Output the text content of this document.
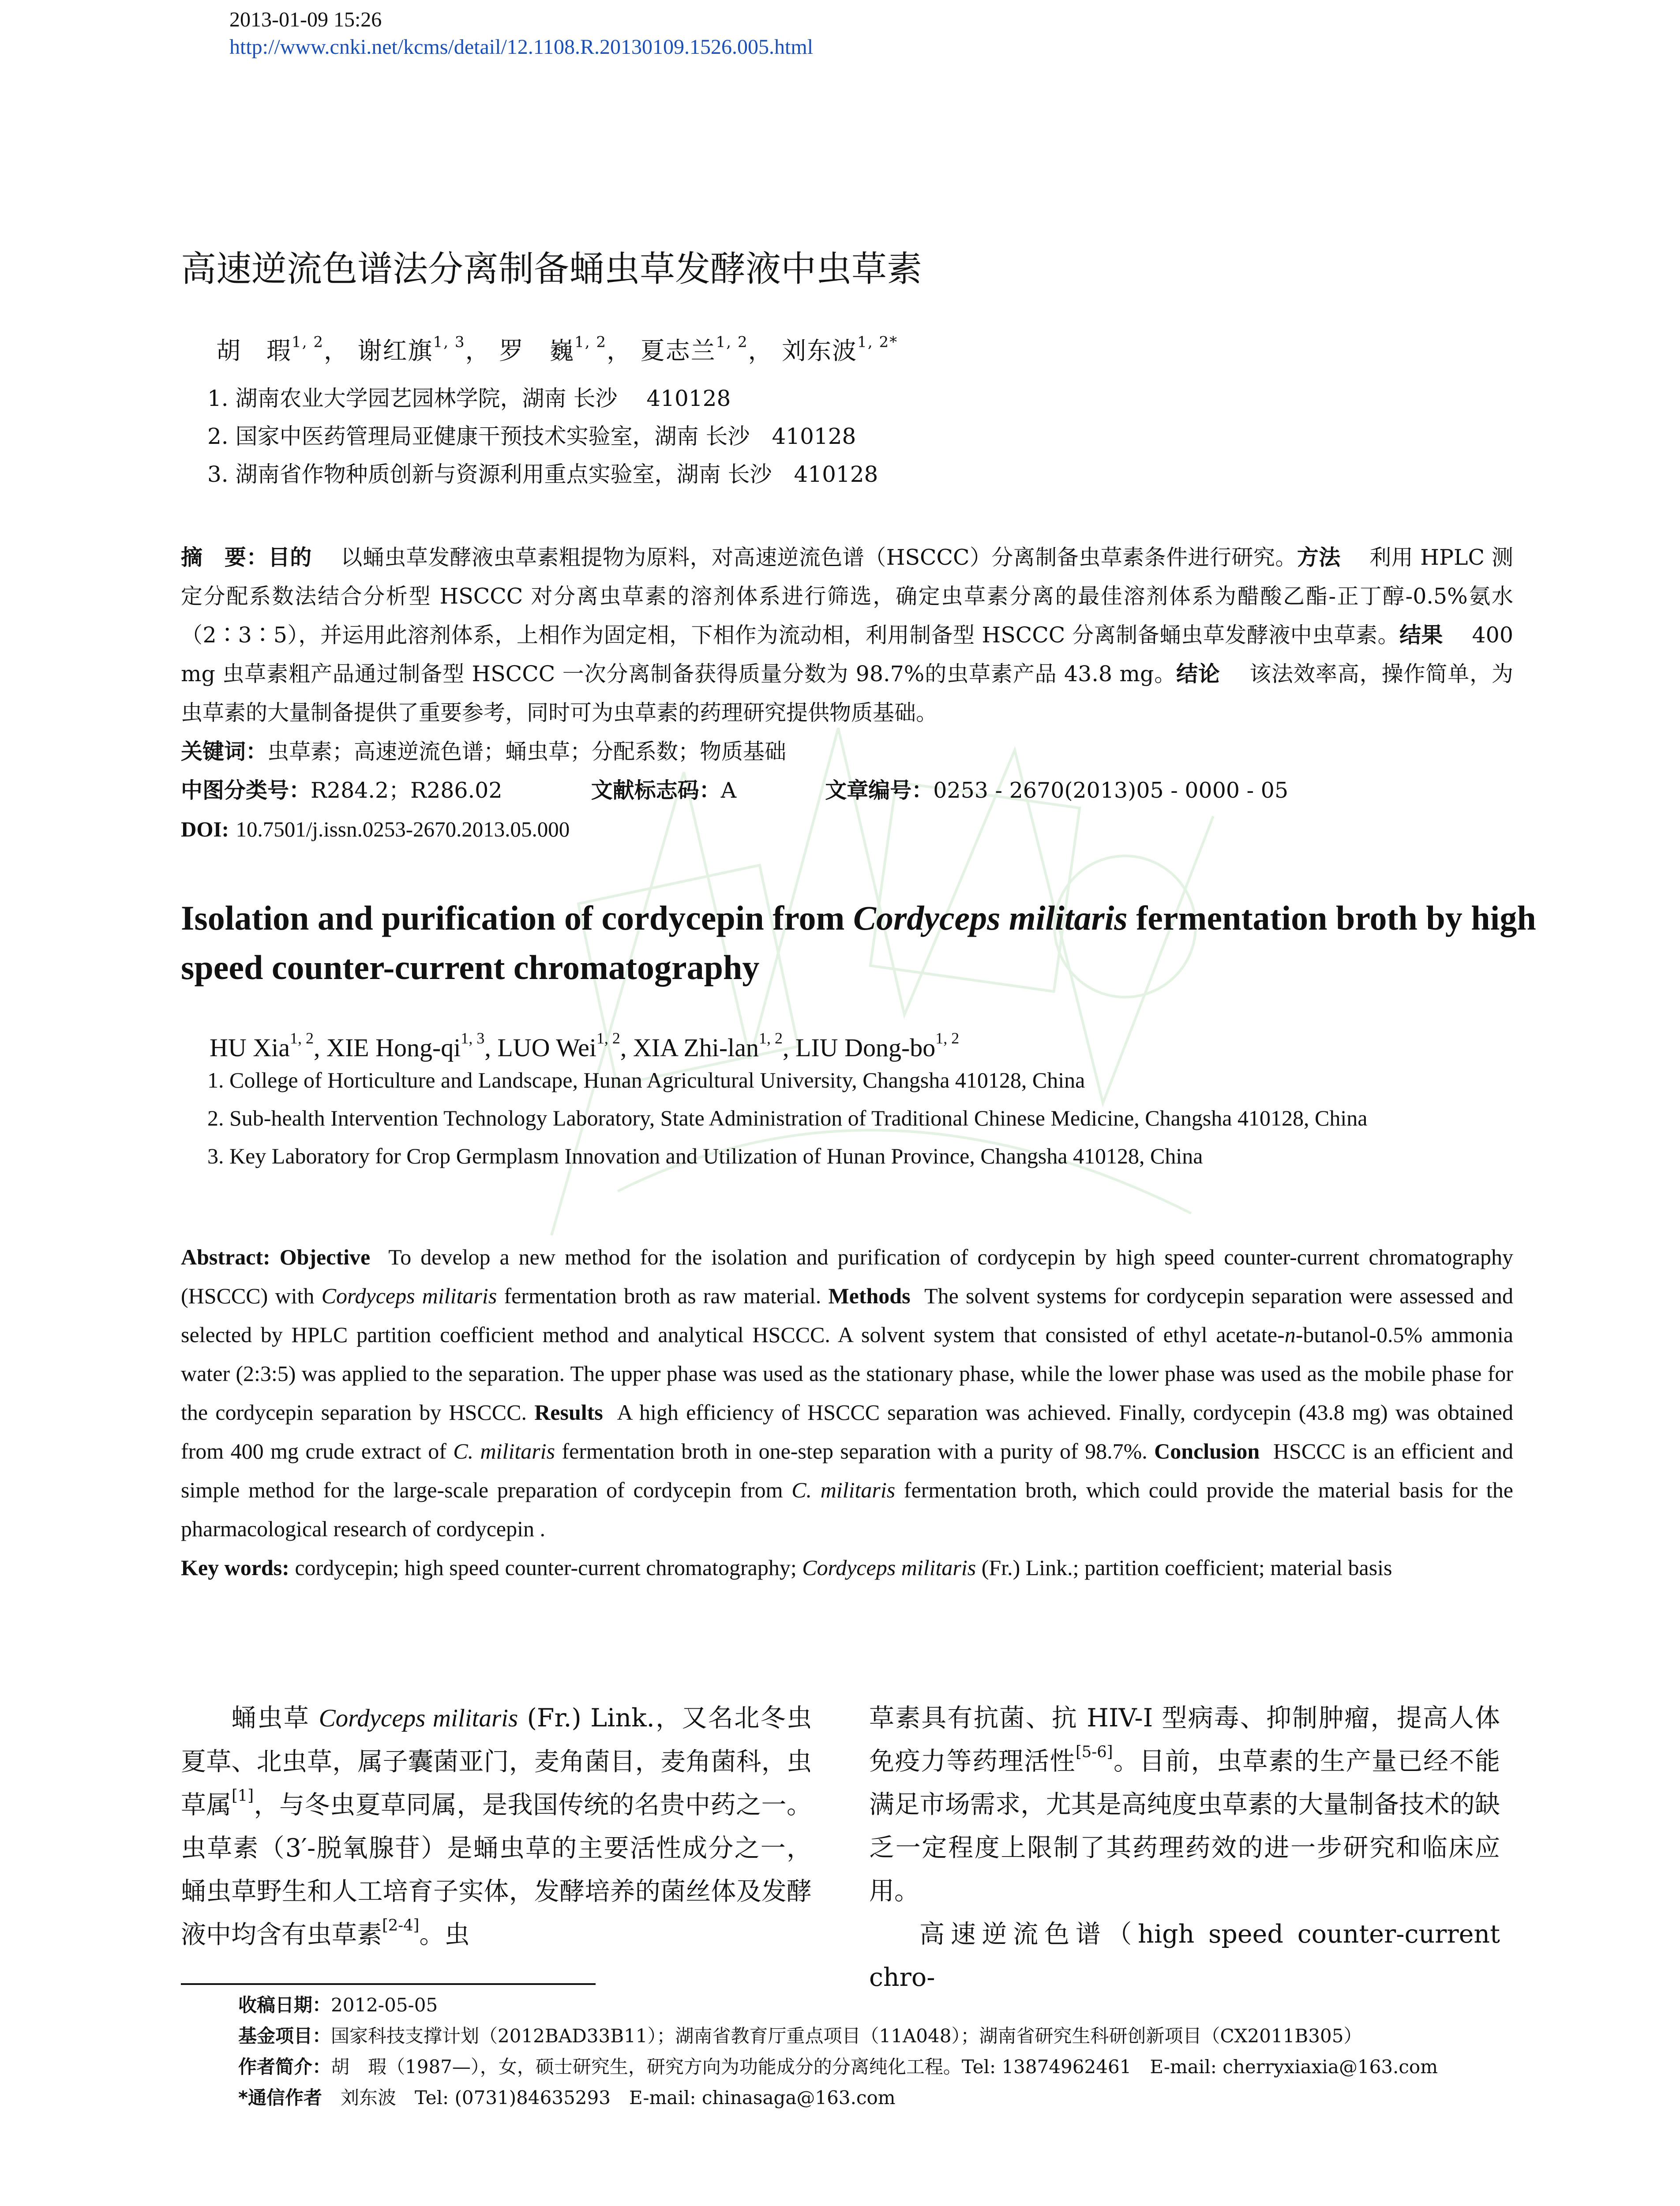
2013-01-09 15:26
http://www.cnki.net/kcms/detail/12.1108.R.20130109.1526.005.html
高速逆流色谱法分离制备蛹虫草发酵液中虫草素
胡　瑕$^{1, 2}$， 谢红旗$^{1, 3}$， 罗　巍$^{1, 2}$， 夏志兰$^{1, 2}$， 刘东波$^{1, 2*}$
1. 湖南农业大学园艺园林学院，湖南 长沙　 410128
2. 国家中医药管理局亚健康干预技术实验室，湖南 长沙　410128
3. 湖南省作物种质创新与资源利用重点实验室，湖南 长沙　410128
摘　要：目的 　 以蛹虫草发酵液虫草素粗提物为原料，对高速逆流色谱（HSCCC）分离制备虫草素条件进行研究。方法 　 利用 HPLC 测定分配系数法结合分析型 HSCCC 对分离虫草素的溶剂体系进行筛选，确定虫草素分离的最佳溶剂体系为醋酸乙酯-正丁醇-0.5%氨水（2∶3∶5），并运用此溶剂体系，上相作为固定相，下相作为流动相，利用制备型 HSCCC 分离制备蛹虫草发酵液中虫草素。结果 　 400 mg 虫草素粗产品通过制备型 HSCCC 一次分离制备获得质量分数为 98.7%的虫草素产品 43.8 mg。结论 　 该法效率高，操作简单，为虫草素的大量制备提供了重要参考，同时可为虫草素的药理研究提供物质基础。
关键词：虫草素；高速逆流色谱；蛹虫草；分配系数；物质基础
中图分类号：R284.2；R286.02	文献标志码：A	文章编号：0253 - 2670(2013)05 - 0000 - 05
DOI: 10.7501/j.issn.0253-2670.2013.05.000
Isolation and purification of cordycepin from Cordyceps militaris fermentation broth by high speed counter-current chromatography
HU Xia$^{1, 2}$, XIE Hong-qi$^{1, 3}$, LUO Wei$^{1, 2}$, XIA Zhi-lan$^{1, 2}$, LIU Dong-bo$^{1, 2}$
1. College of Horticulture and Landscape, Hunan Agricultural University, Changsha 410128, China
2. Sub-health Intervention Technology Laboratory, State Administration of Traditional Chinese Medicine, Changsha 410128, China
3. Key Laboratory for Crop Germplasm Innovation and Utilization of Hunan Province, Changsha 410128, China
Abstract: Objective To develop a new method for the isolation and purification of cordycepin by high speed counter-current chromatography (HSCCC) with Cordyceps militaris fermentation broth as raw material. Methods The solvent systems for cordycepin separation were assessed and selected by HPLC partition coefficient method and analytical HSCCC. A solvent system that consisted of ethyl acetate-n-butanol-0.5% ammonia water (2:3:5) was applied to the separation. The upper phase was used as the stationary phase, while the lower phase was used as the mobile phase for the cordycepin separation by HSCCC. Results A high efficiency of HSCCC separation was achieved. Finally, cordycepin (43.8 mg) was obtained from 400 mg crude extract of C. militaris fermentation broth in one-step separation with a purity of 98.7%. Conclusion HSCCC is an efficient and simple method for the large-scale preparation of cordycepin from C. militaris fermentation broth, which could provide the material basis for the pharmacological research of cordycepin .
Key words: cordycepin; high speed counter-current chromatography; Cordyceps militaris (Fr.) Link.; partition coefficient; material basis

蛹虫草 Cordyceps militaris (Fr.) Link.，又名北冬虫夏草、北虫草，属子囊菌亚门，麦角菌目，麦角菌科，虫草属[1]，与冬虫夏草同属，是我国传统的名贵中药之一。虫草素（3′-脱氧腺苷）是蛹虫草的主要活性成分之一，蛹虫草野生和人工培育子实体，发酵培养的菌丝体及发酵液中均含有虫草素[2-4]。虫

草素具有抗菌、抗 HIV-I 型病毒、抑制肿瘤，提高人体免疫力等药理活性[5-6]。目前，虫草素的生产量已经不能满足市场需求，尤其是高纯度虫草素的大量制备技术的缺乏一定程度上限制了其药理药效的进一步研究和临床应用。

高速逆流色谱（high speed counter-current chro-

收稿日期：2012-05-05
基金项目：国家科技支撑计划（2012BAD33B11）；湖南省教育厅重点项目（11A048）；湖南省研究生科研创新项目（CX2011B305）
作者简介：胡　瑕（1987—），女，硕士研究生，研究方向为功能成分的分离纯化工程。Tel: 13874962461　E-mail: cherryxiaxia@163.com
*通信作者　 刘东波　Tel: (0731)84635293　E-mail: chinasaga@163.com
